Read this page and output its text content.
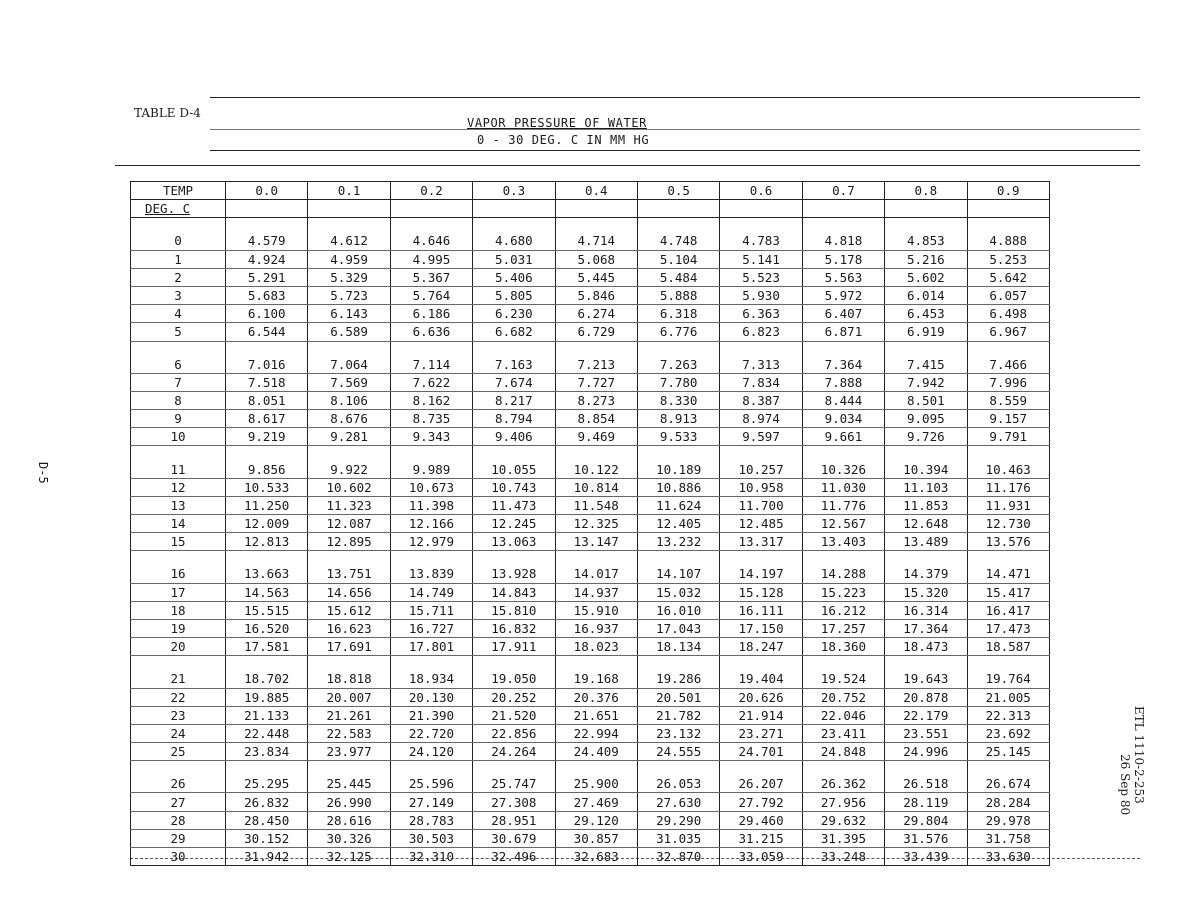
TABLE D-4
VAPOR PRESSURE OF WATER
0 - 30 DEG. C IN MM HG
D-5
ETL 1110-2-253
26 Sep 80
TEMP	0.0	0.1	0.2	0.3	0.4	0.5	0.6	0.7	0.8	0.9
DEG. C										

0	4.579	4.612	4.646	4.680	4.714	4.748	4.783	4.818	4.853	4.888
1	4.924	4.959	4.995	5.031	5.068	5.104	5.141	5.178	5.216	5.253
2	5.291	5.329	5.367	5.406	5.445	5.484	5.523	5.563	5.602	5.642
3	5.683	5.723	5.764	5.805	5.846	5.888	5.930	5.972	6.014	6.057
4	6.100	6.143	6.186	6.230	6.274	6.318	6.363	6.407	6.453	6.498
5	6.544	6.589	6.636	6.682	6.729	6.776	6.823	6.871	6.919	6.967

6	7.016	7.064	7.114	7.163	7.213	7.263	7.313	7.364	7.415	7.466
7	7.518	7.569	7.622	7.674	7.727	7.780	7.834	7.888	7.942	7.996
8	8.051	8.106	8.162	8.217	8.273	8.330	8.387	8.444	8.501	8.559
9	8.617	8.676	8.735	8.794	8.854	8.913	8.974	9.034	9.095	9.157
10	9.219	9.281	9.343	9.406	9.469	9.533	9.597	9.661	9.726	9.791

11	9.856	9.922	9.989	10.055	10.122	10.189	10.257	10.326	10.394	10.463
12	10.533	10.602	10.673	10.743	10.814	10.886	10.958	11.030	11.103	11.176
13	11.250	11.323	11.398	11.473	11.548	11.624	11.700	11.776	11.853	11.931
14	12.009	12.087	12.166	12.245	12.325	12.405	12.485	12.567	12.648	12.730
15	12.813	12.895	12.979	13.063	13.147	13.232	13.317	13.403	13.489	13.576

16	13.663	13.751	13.839	13.928	14.017	14.107	14.197	14.288	14.379	14.471
17	14.563	14.656	14.749	14.843	14.937	15.032	15.128	15.223	15.320	15.417
18	15.515	15.612	15.711	15.810	15.910	16.010	16.111	16.212	16.314	16.417
19	16.520	16.623	16.727	16.832	16.937	17.043	17.150	17.257	17.364	17.473
20	17.581	17.691	17.801	17.911	18.023	18.134	18.247	18.360	18.473	18.587

21	18.702	18.818	18.934	19.050	19.168	19.286	19.404	19.524	19.643	19.764
22	19.885	20.007	20.130	20.252	20.376	20.501	20.626	20.752	20.878	21.005
23	21.133	21.261	21.390	21.520	21.651	21.782	21.914	22.046	22.179	22.313
24	22.448	22.583	22.720	22.856	22.994	23.132	23.271	23.411	23.551	23.692
25	23.834	23.977	24.120	24.264	24.409	24.555	24.701	24.848	24.996	25.145

26	25.295	25.445	25.596	25.747	25.900	26.053	26.207	26.362	26.518	26.674
27	26.832	26.990	27.149	27.308	27.469	27.630	27.792	27.956	28.119	28.284
28	28.450	28.616	28.783	28.951	29.120	29.290	29.460	29.632	29.804	29.978
29	30.152	30.326	30.503	30.679	30.857	31.035	31.215	31.395	31.576	31.758
30	31.942	32.125	32.310	32.496	32.683	32.870	33.059	33.248	33.439	33.630
